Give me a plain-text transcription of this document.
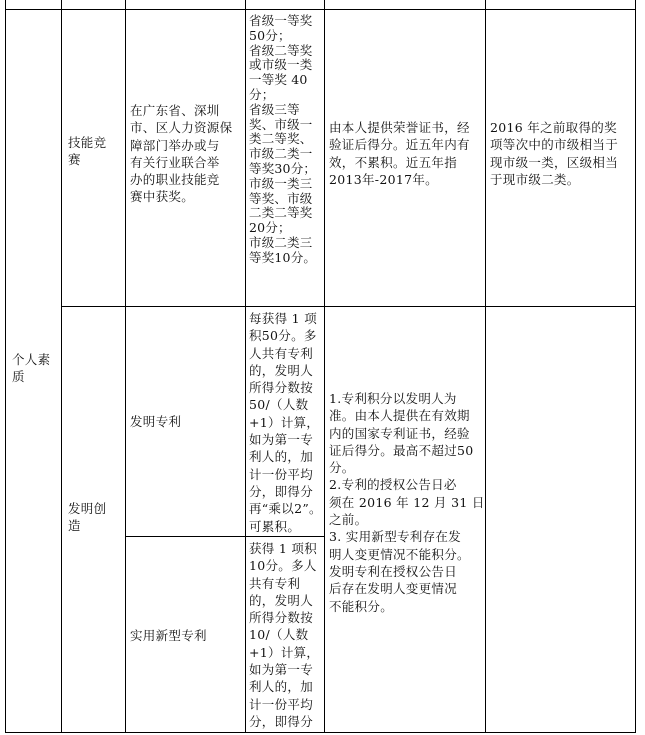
个人素
质
技能竞
赛
在广东省、深圳
市、区人力资源保
障部门举办或与
有关行业联合举
办的职业技能竞
赛中获奖。
省级一等奖
50分；
省级二等奖
或市级一类
一等奖 40
分；
省级三等
奖、市级一
类二等奖、
市级二类一
等奖30分；
市级一类三
等奖、市级
二类二等奖
20分；
市级二类三
等奖10分。
由本人提供荣誉证书，经
验证后得分。近五年内有
效，不累积。近五年指
2013年-2017年。
2016 年之前取得的奖
项等次中的市级相当于
现市级一类，区级相当
于现市级二类。
发明创
造
发明专利
每获得 1 项
积50分。多
人共有专利
的，发明人
所得分数按
50/（人数
+1）计算，
如为第一专
利人的，加
计一份平均
分，即得分
再“乘以2”。
可累积。
实用新型专利
获得 1 项积
10分。多人
共有专利
的，发明人
所得分数按
10/（人数
+1）计算，
如为第一专
利人的，加
计一份平均
分，即得分
1.专利积分以发明人为
准。由本人提供在有效期
内的国家专利证书，经验
证后得分。最高不超过50
分。
2.专利的授权公告日必
须在 2016 年 12 月 31 日
之前。
3. 实用新型专利存在发
明人变更情况不能积分。
发明专利在授权公告日
后存在发明人变更情况
不能积分。
